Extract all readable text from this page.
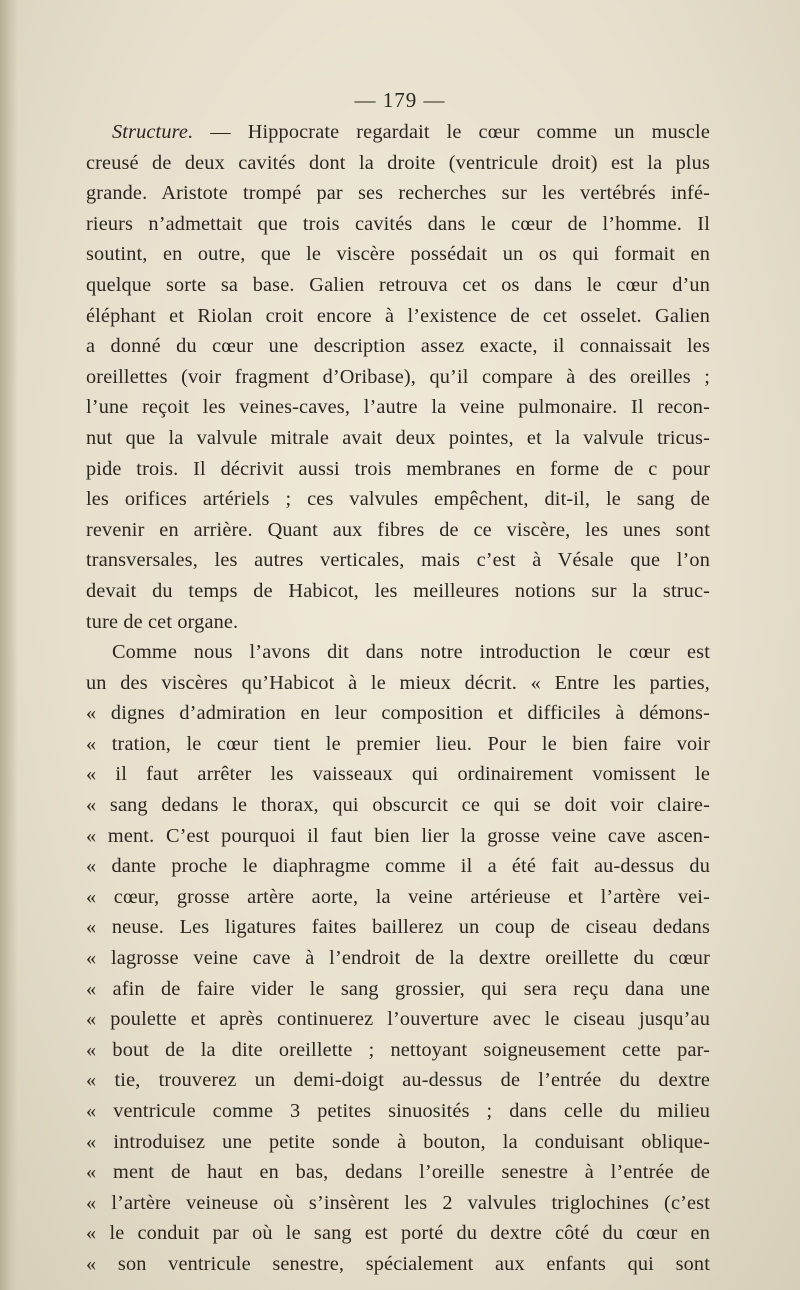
— 179 —
Structure. — Hippocrate regardait le cœur comme un muscle
creusé de deux cavités dont la droite (ventricule droit) est la plus
grande. Aristote trompé par ses recherches sur les vertébrés infé-
rieurs n’admettait que trois cavités dans le cœur de l’homme. Il
soutint, en outre, que le viscère possédait un os qui formait en
quelque sorte sa base. Galien retrouva cet os dans le cœur d’un
éléphant et Riolan croit encore à l’existence de cet osselet. Galien
a donné du cœur une description assez exacte, il connaissait les
oreillettes (voir fragment d’Oribase), qu’il compare à des oreilles ;
l’une reçoit les veines-caves, l’autre la veine pulmonaire. Il recon-
nut que la valvule mitrale avait deux pointes, et la valvule tricus-
pide trois. Il décrivit aussi trois membranes en forme de c pour
les orifices artériels ; ces valvules empêchent, dit-il, le sang de
revenir en arrière. Quant aux fibres de ce viscère, les unes sont
transversales, les autres verticales, mais c’est à Vésale que l’on
devait du temps de Habicot, les meilleures notions sur la struc-
ture de cet organe.
Comme nous l’avons dit dans notre introduction le cœur est
un des viscères qu’Habicot à le mieux décrit. « Entre les parties,
« dignes d’admiration en leur composition et difficiles à démons-
« tration, le cœur tient le premier lieu. Pour le bien faire voir
« il faut arrêter les vaisseaux qui ordinairement vomissent le
« sang dedans le thorax, qui obscurcit ce qui se doit voir claire-
« ment. C’est pourquoi il faut bien lier la grosse veine cave ascen-
« dante proche le diaphragme comme il a été fait au-dessus du
« cœur, grosse artère aorte, la veine artérieuse et l’artère vei-
« neuse. Les ligatures faites baillerez un coup de ciseau dedans
« lagrosse veine cave à l’endroit de la dextre oreillette du cœur
« afin de faire vider le sang grossier, qui sera reçu dana une
« poulette et après continuerez l’ouverture avec le ciseau jusqu’au
« bout de la dite oreillette ; nettoyant soigneusement cette par-
« tie, trouverez un demi-doigt au-dessus de l’entrée du dextre
« ventricule comme 3 petites sinuosités ; dans celle du milieu
« introduisez une petite sonde à bouton, la conduisant oblique-
« ment de haut en bas, dedans l’oreille senestre à l’entrée de
« l’artère veineuse où s’insèrent les 2 valvules triglochines (c’est
« le conduit par où le sang est porté du dextre côté du cœur en
« son ventricule senestre, spécialement aux enfants qui sont
